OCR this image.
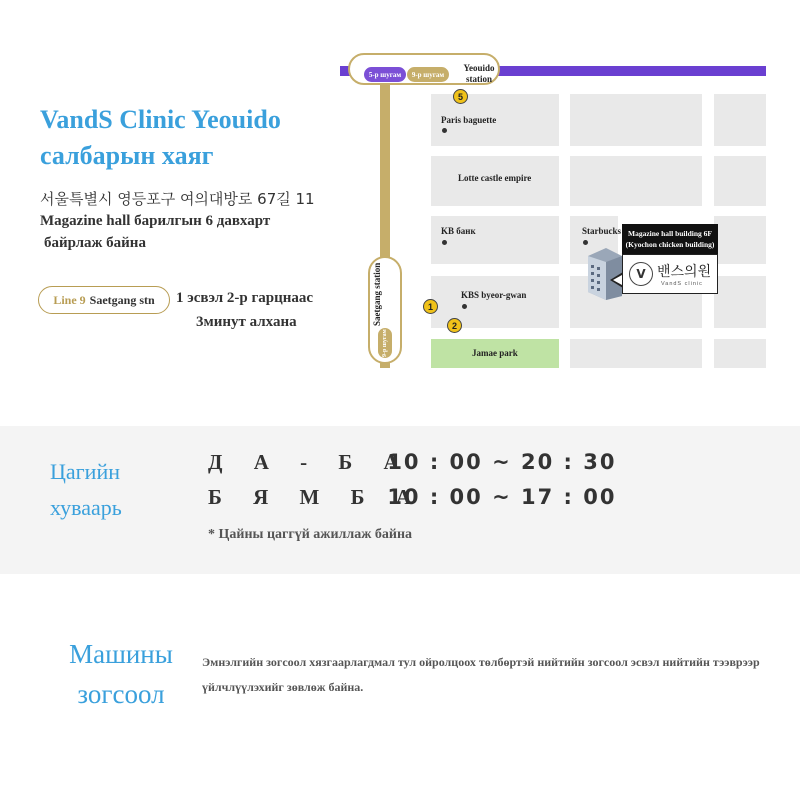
VandS Clinic Yeouido
салбарын хаяг
서울특별시 영등포구 여의대방로 67길 11
Magazine hall барилгын 6 давхарт
байрлаж байна
Line 9 Saetgang stn 1 эсвэл 2-р гарцнаас
3минут алхана
5-р шугам	9-р шугам
Yeouido station
Saetgang station
9-р шугам
5
1
2
Paris baguette
Lotte castle empire
KB банк	Starbucks
KBS byeor-gwan
Jamae park
Magazine hall building 6F
(Kyochon chicken building)
V 밴스의원
VandS clinic
Цагийн
хуваарь
Д А - Б А 10 : 00 ~ 20 : 30
Б Я М Б А 10 : 00 ~ 17 : 00
* Цайны цаггүй ажиллаж байна
Машины
зогсоол
Эмнэлгийн зогсоол хязгаарлагдмал тул ойролцоох төлбөртэй нийтийн зогсоол эсвэл нийтийн тээврээр үйлчлүүлэхийг зөвлөж байна.
